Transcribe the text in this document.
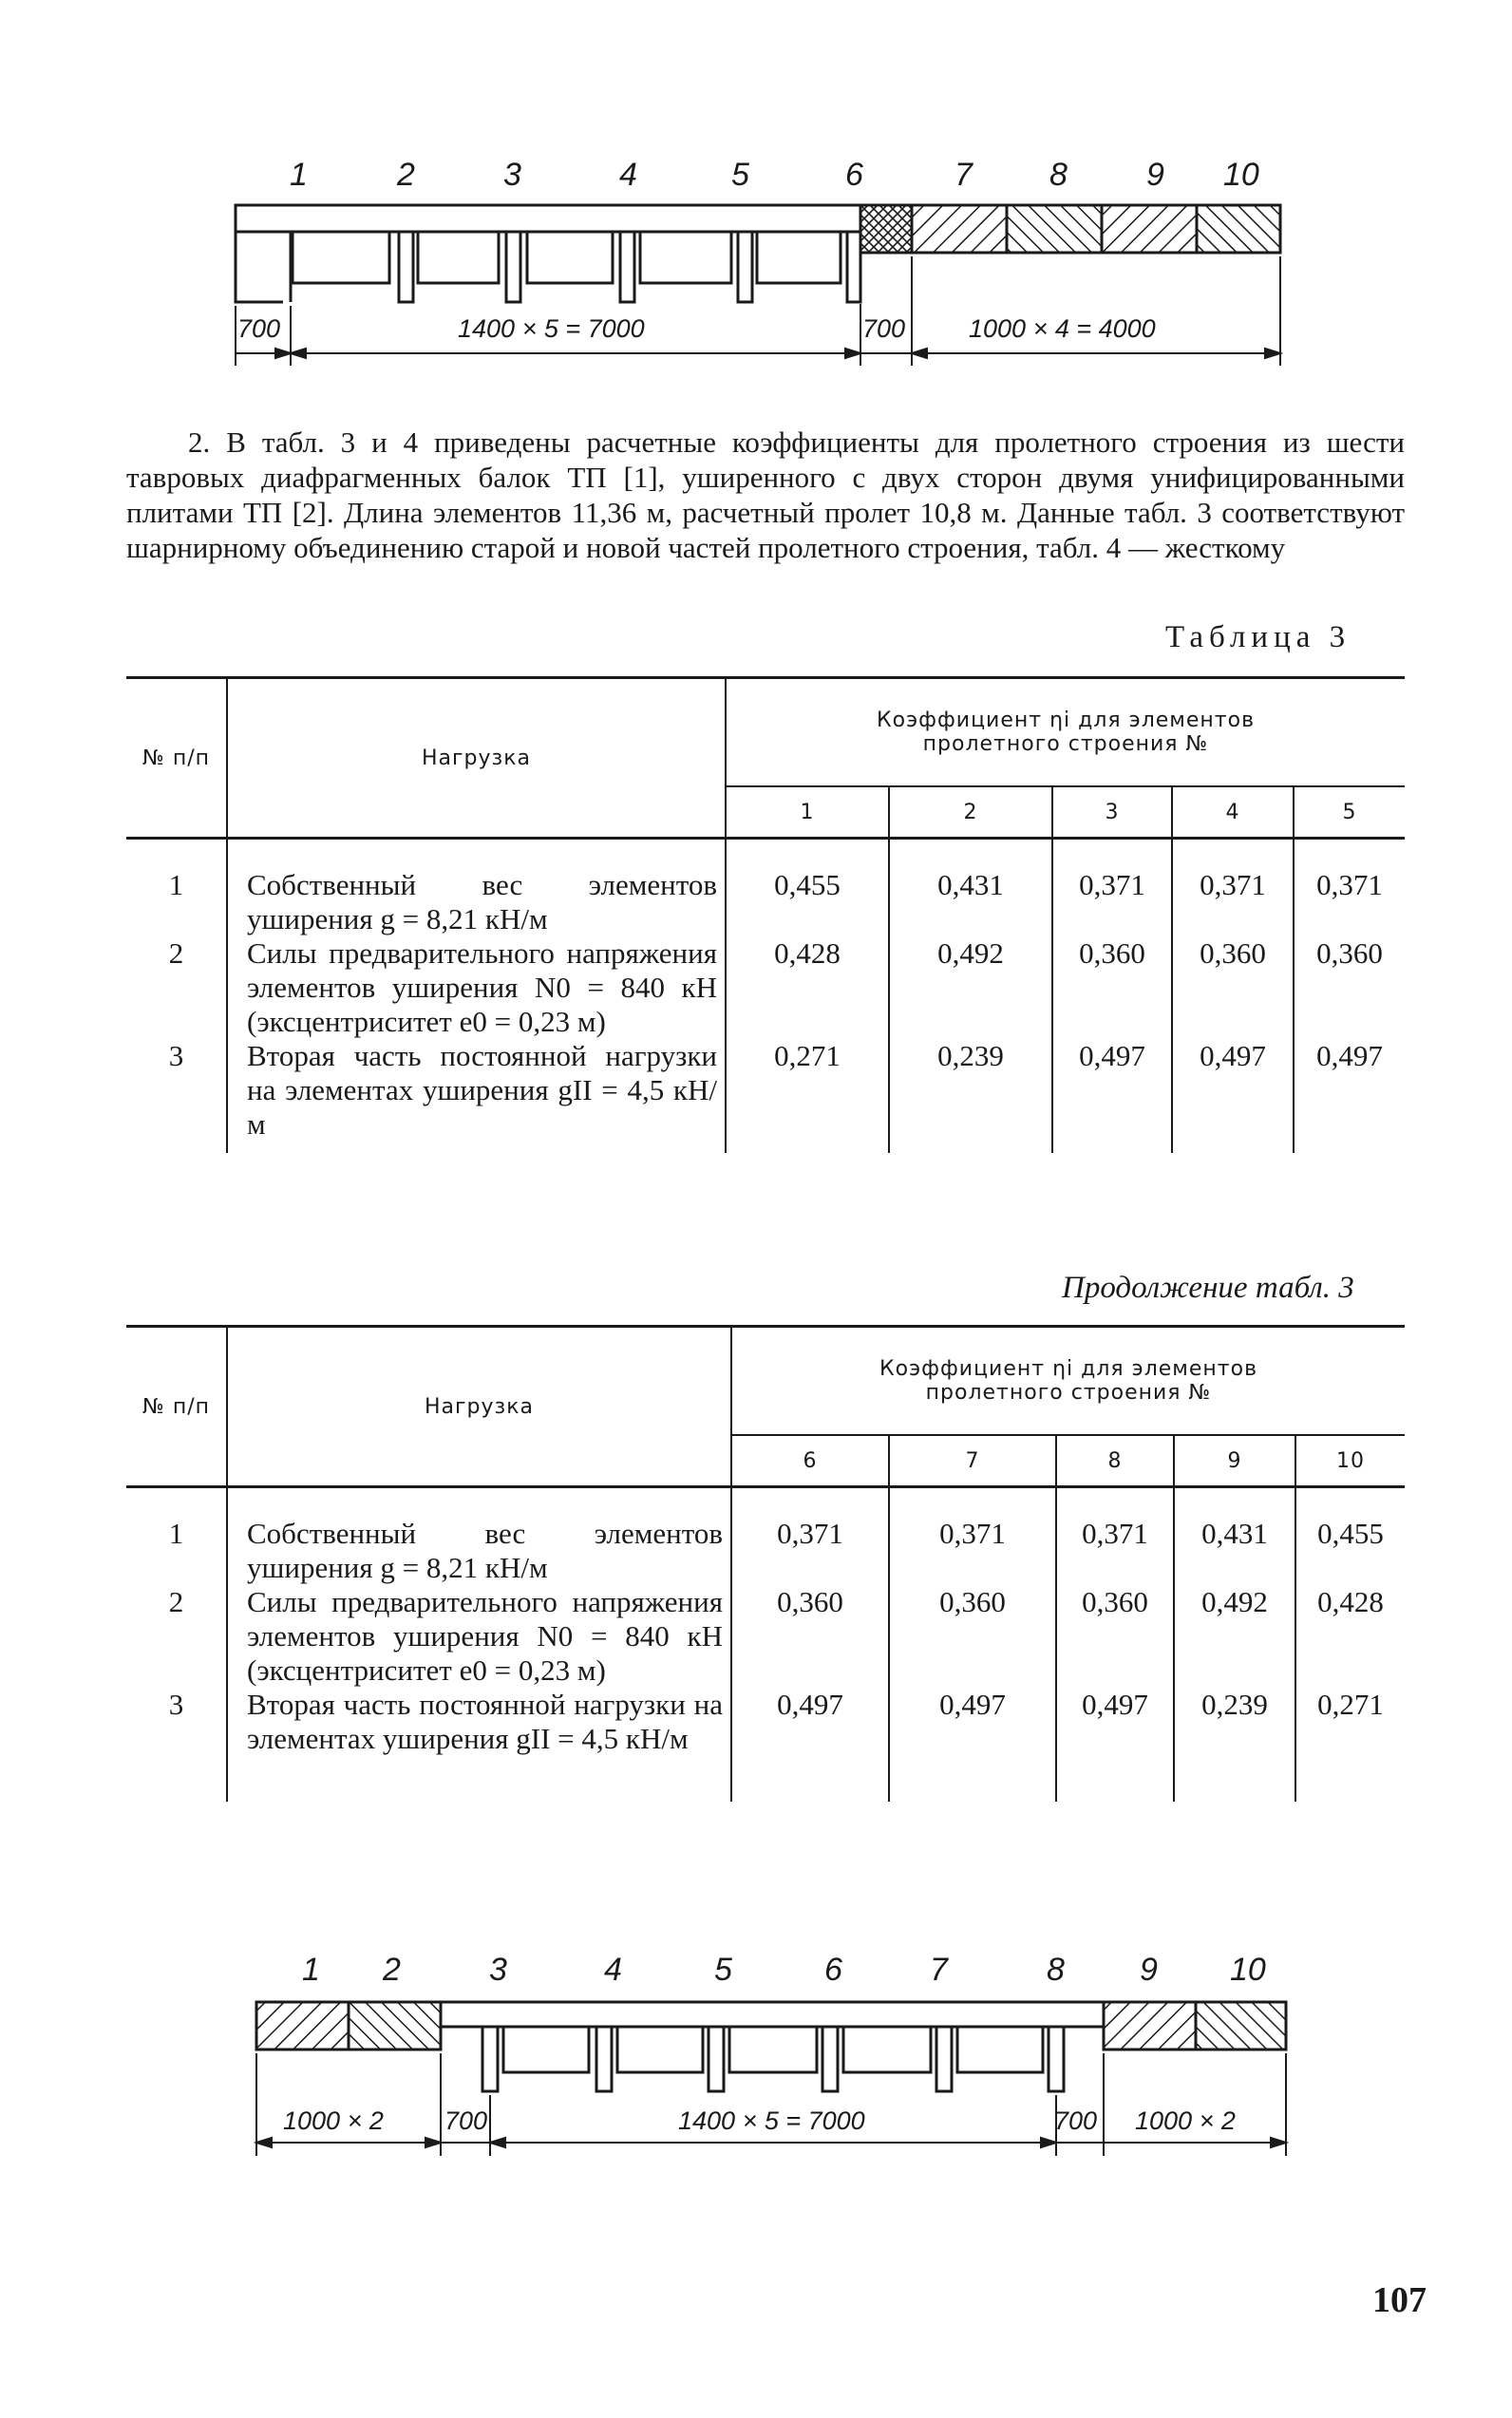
1	2	3	4	5	6	7 8 9 10
700	1400 × 5 = 7000	700 1000 × 4 = 4000
2. В табл. 3 и 4 приведены расчетные коэффициенты для пролетного строения из шести тавровых диафрагменных балок ТП [1], уширенного с двух сторон двумя унифицированными плитами ТП [2]. Длина элементов 11,36 м, расчетный пролет 10,8 м. Данные табл. 3 соответствуют шарнирному объединению старой и новой частей пролетного строения, табл. 4 — жесткому
Таблица 3
№ п/п	Нагрузка	Коэффициент ηi для элементов
пролетного строения №				

		1	2	3	4	5
1	Собственный вес элементов уширения g = 8,21 кН/м	0,455	0,431	0,371	0,371	0,371
2	Силы предварительного напряжения элементов уширения N0 = 840 кН (эксцентриситет e0 = 0,23 м)	0,428	0,492	0,360	0,360	0,360
3	Вторая часть постоянной нагрузки на элементах уширения gII = 4,5 кН/м	0,271	0,239	0,497	0,497	0,497
Продолжение табл. 3
№ п/п	Нагрузка	Коэффициент ηi для элементов
пролетного строения №				

		6	7	8	9	10
1	Собственный вес элементов уширения g = 8,21 кН/м	0,371	0,371	0,371	0,431	0,455
2	Силы предварительного напряжения элементов уширения N0 = 840 кН (эксцентриситет e0 = 0,23 м)	0,360	0,360	0,360	0,492	0,428
3	Вторая часть постоянной нагрузки на элементах уширения gII = 4,5 кН/м	0,497	0,497	0,497	0,239	0,271
1 2	3	4	5	6	7	8 9 10
1000 × 2 700	1400 × 5 = 7000	700 1000 × 2
107
